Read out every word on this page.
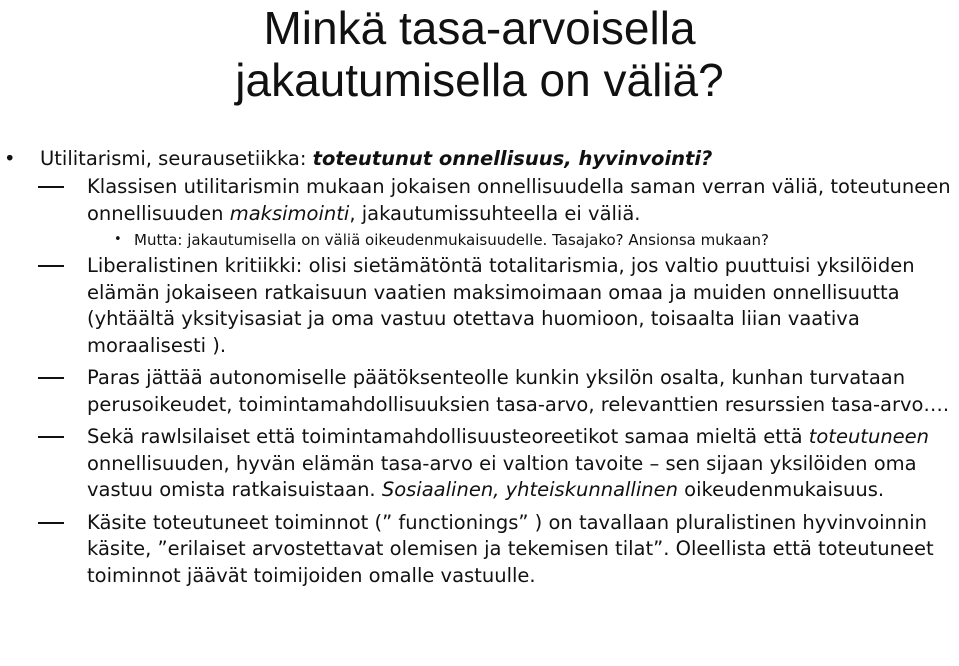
Minkä tasa-arvoisella
jakautumisella on väliä?
• Utilitarismi, seurausetiikka: toteutunut onnellisuus, hyvinvointi?
Klassisen utilitarismin mukaan jokaisen onnellisuudella saman verran väliä, toteutuneen onnellisuuden maksimointi, jakautumissuhteella ei väliä.
• Mutta: jakautumisella on väliä oikeudenmukaisuudelle. Tasajako? Ansionsa mukaan?
Liberalistinen kritiikki: olisi sietämätöntä totalitarismia, jos valtio puuttuisi yksilöiden elämän jokaiseen ratkaisuun vaatien maksimoimaan omaa ja muiden onnellisuutta (yhtäältä yksityisasiat ja oma vastuu otettava huomioon, toisaalta liian vaativa moraalisesti ).
Paras jättää autonomiselle päätöksenteolle kunkin yksilön osalta, kunhan turvataan perusoikeudet, toimintamahdollisuuksien tasa-arvo, relevanttien resurssien tasa-arvo….
Sekä rawlsilaiset että toimintamahdollisuusteoreetikot samaa mieltä että toteutuneen onnellisuuden, hyvän elämän tasa-arvo ei valtion tavoite – sen sijaan yksilöiden oma vastuu omista ratkaisuistaan. Sosiaalinen, yhteiskunnallinen oikeudenmukaisuus.
Käsite toteutuneet toiminnot (” functionings” ) on tavallaan pluralistinen hyvinvoinnin käsite, ”erilaiset arvostettavat olemisen ja tekemisen tilat”. Oleellista että toteutuneet toiminnot jäävät toimijoiden omalle vastuulle.
